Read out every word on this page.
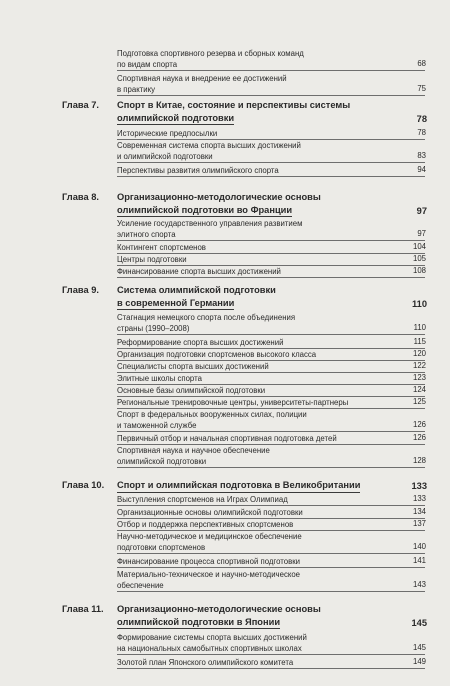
Подготовка спортивного резерва и сборных команд
по видам спорта	68
Спортивная наука и внедрение ее достижений
в практику	75
Глава 7. Спорт в Китае, состояние и перспективы системы
олимпийской подготовки	78
Исторические предпосылки	78
Современная система спорта высших достижений
и олимпийской подготовки	83
Перспективы развития олимпийского спорта	94
Глава 8. Организационно-методологические основы
олимпийской подготовки во Франции	97
Усиление государственного управления развитием
элитного спорта	97
Контингент спортсменов	104
Центры подготовки	105
Финансирование спорта высших достижений	108
Глава 9. Система олимпийской подготовки
в современной Германии	110
Стагнация немецкого спорта после объединения
страны (1990–2008)	110
Реформирование спорта высших достижений	115
Организация подготовки спортсменов высокого класса	120
Специалисты спорта высших достижений	122
Элитные школы спорта	123
Основные базы олимпийской подготовки	124
Региональные тренировочные центры, университеты-партнеры	125
Спорт в федеральных вооруженных силах, полиции
и таможенной службе	126
Первичный отбор и начальная спортивная подготовка детей	126
Спортивная наука и научное обеспечение
олимпийской подготовки	128
Глава 10. Спорт и олимпийская подготовка в Великобритании	133
Выступления спортсменов на Играх Олимпиад	133
Организационные основы олимпийской подготовки	134
Отбор и поддержка перспективных спортсменов	137
Научно-методическое и медицинское обеспечение
подготовки спортсменов	140
Финансирование процесса спортивной подготовки	141
Материально-техническое и научно-методическое
обеспечение	143
Глава 11. Организационно-методологические основы
олимпийской подготовки в Японии	145
Формирование системы спорта высших достижений
на национальных самобытных спортивных школах	145
Золотой план Японского олимпийского комитета	149
